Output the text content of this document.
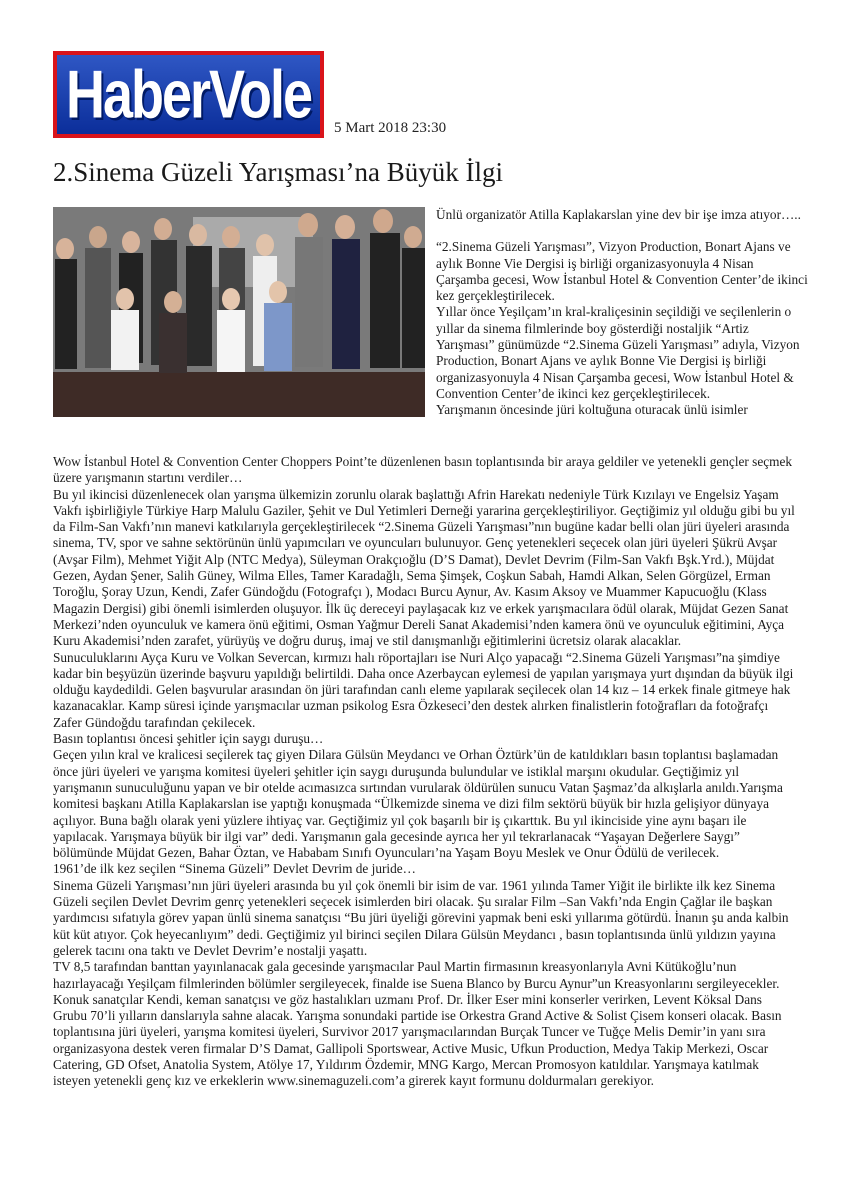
HaberVole 5 Mart 2018 23:30
2.Sinema Güzeli Yarışması’na Büyük İlgi

Ünlü organizatör Atilla Kaplakarslan yine dev bir işe imza atıyor…..

“2.Sinema Güzeli Yarışması”, Vizyon Production, Bonart Ajans ve aylık Bonne Vie Dergisi iş birliği organizasyonuyla 4 Nisan Çarşamba gecesi, Wow İstanbul Hotel & Convention Center’de ikinci kez gerçekleştirilecek.

Yıllar önce Yeşilçam’ın kral-kraliçesinin seçildiği ve seçilenlerin o yıllar da sinema filmlerinde boy gösterdiği nostaljik “Artiz Yarışması” günümüzde “2.Sinema Güzeli Yarışması” adıyla, Vizyon Production, Bonart Ajans ve aylık Bonne Vie Dergisi iş birliği organizasyonuyla 4 Nisan Çarşamba gecesi, Wow İstanbul Hotel & Convention Center’de ikinci kez gerçekleştirilecek.

Yarışmanın öncesinde jüri koltuğuna oturacak ünlü isimler

Wow İstanbul Hotel & Convention Center Choppers Point’te düzenlenen basın toplantısında bir araya geldiler ve yetenekli gençler seçmek üzere yarışmanın startını verdiler…

Bu yıl ikincisi düzenlenecek olan yarışma ülkemizin zorunlu olarak başlattığı Afrin Harekatı nedeniyle Türk Kızılayı ve Engelsiz Yaşam Vakfı işbirliğiyle Türkiye Harp Malulu Gaziler, Şehit ve Dul Yetimleri Derneği yararina gerçekleştiriliyor. Geçtiğimiz yıl olduğu gibi bu yıl da Film-San Vakfı’nın manevi katkılarıyla gerçekleştirilecek “2.Sinema Güzeli Yarışması”nın bugüne kadar belli olan jüri üyeleri arasında sinema, TV, spor ve sahne sektörünün ünlü yapımcıları ve oyuncuları bulunuyor. Genç yetenekleri seçecek olan jüri üyeleri Şükrü Avşar (Avşar Film), Mehmet Yiğit Alp (NTC Medya), Süleyman Orakçıoğlu (D’S Damat), Devlet Devrim (Film-San Vakfı Bşk.Yrd.), Müjdat Gezen, Aydan Şener, Salih Güney, Wilma Elles, Tamer Karadağlı, Sema Şimşek, Coşkun Sabah, Hamdi Alkan, Selen Görgüzel, Erman Toroğlu, Şoray Uzun, Kendi, Zafer Gündoğdu (Fotografçı ), Modacı Burcu Aynur, Av. Kasım Aksoy ve Muammer Kapucuoğlu (Klass Magazin Dergisi) gibi önemli isimlerden oluşuyor. İlk üç dereceyi paylaşacak kız ve erkek yarışmacılara ödül olarak, Müjdat Gezen Sanat Merkezi’nden oyunculuk ve kamera önü eğitimi, Osman Yağmur Dereli Sanat Akademisi’nden kamera önü ve oyunculuk eğitimini, Ayça Kuru Akademisi’nden zarafet, yürüyüş ve doğru duruş, imaj ve stil danışmanlığı eğitimlerini ücretsiz olarak alacaklar.

Sunuculuklarını Ayça Kuru ve Volkan Severcan, kırmızı halı röportajları ise Nuri Alço yapacağı “2.Sinema Güzeli Yarışması”na şimdiye kadar bin beşyüzün üzerinde başvuru yapıldığı belirtildi. Daha once Azerbaycan eylemesi de yapılan yarışmaya yurt dışından da büyük ilgi olduğu kaydedildi. Gelen başvurular arasından ön jüri tarafından canlı eleme yapılarak seçilecek olan 14 kız – 14 erkek finale gitmeye hak kazanacaklar. Kamp süresi içinde yarışmacılar uzman psikolog Esra Özkeseci’den destek alırken finalistlerin fotoğrafları da fotoğrafçı Zafer Gündoğdu tarafından çekilecek.

Basın toplantısı öncesi şehitler için saygı duruşu…

Geçen yılın kral ve kralicesi seçilerek taç giyen Dilara Gülsün Meydancı ve Orhan Öztürk’ün de katıldıkları basın toplantısı başlamadan önce jüri üyeleri ve yarışma komitesi üyeleri şehitler için saygı duruşunda bulundular ve istiklal marşını okudular. Geçtiğimiz yıl yarışmanın sunuculuğunu yapan ve bir otelde acımasızca sırtından vurularak öldürülen sunucu Vatan Şaşmaz’da alkışlarla anıldı.Yarışma komitesi başkanı Atilla Kaplakarslan ise yaptığı konuşmada “Ülkemizde sinema ve dizi film sektörü büyük bir hızla gelişiyor dünyaya açılıyor. Buna bağlı olarak yeni yüzlere ihtiyaç var. Geçtiğimiz yıl çok başarılı bir iş çıkarttık. Bu yıl ikinciside yine aynı başarı ile yapılacak. Yarışmaya büyük bir ilgi var” dedi. Yarışmanın gala gecesinde ayrıca her yıl tekrarlanacak “Yaşayan Değerlere Saygı” bölümünde Müjdat Gezen, Bahar Öztan, ve Hababam Sınıfı Oyuncuları’na Yaşam Boyu Meslek ve Onur Ödülü de verilecek.

1961’de ilk kez seçilen “Sinema Güzeli” Devlet Devrim de juride…

Sinema Güzeli Yarışması’nın jüri üyeleri arasında bu yıl çok önemli bir isim de var. 1961 yılında Tamer Yiğit ile birlikte ilk kez Sinema Güzeli seçilen Devlet Devrim genrç yetenekleri seçecek isimlerden biri olacak. Şu sıralar Film –San Vakfı’nda Engin Çağlar ile başkan yardımcısı sıfatıyla görev yapan ünlü sinema sanatçısı “Bu jüri üyeliği görevini yapmak beni eski yıllarıma götürdü. İnanın şu anda kalbin küt küt atıyor. Çok heyecanlıyım” dedi. Geçtiğimiz yıl birinci seçilen Dilara Gülsün Meydancı , basın toplantısında ünlü yıldızın yayına gelerek tacını ona taktı ve Devlet Devrim’e nostalji yaşattı.

TV 8,5 tarafından banttan yayınlanacak gala gecesinde yarışmacılar Paul Martin firmasının kreasyonlarıyla Avni Kütükoğlu’nun hazırlayacağı Yeşilçam filmlerinden bölümler sergileyecek, finalde ise Suena Blanco by Burcu Aynur”un Kreasyonlarını sergileyecekler. Konuk sanatçılar Kendi, keman sanatçısı ve göz hastalıkları uzmanı Prof. Dr. İlker Eser mini konserler verirken, Levent Köksal Dans Grubu 70’li yılların danslarıyla sahne alacak. Yarışma sonundaki partide ise Orkestra Grand Active & Solist Çisem konseri olacak. Basın toplantısına jüri üyeleri, yarışma komitesi üyeleri, Survivor 2017 yarışmacılarından Burçak Tuncer ve Tuğçe Melis Demir’in yanı sıra organizasyona destek veren firmalar D’S Damat, Gallipoli Sportswear, Active Music, Ufkun Production, Medya Takip Merkezi, Oscar Catering, GD Ofset, Anatolia System, Atölye 17, Yıldırım Özdemir, MNG Kargo, Mercan Promosyon katıldılar. Yarışmaya katılmak isteyen yetenekli genç kız ve erkeklerin www.sinemaguzeli.com’a girerek kayıt formunu doldurmaları gerekiyor.
